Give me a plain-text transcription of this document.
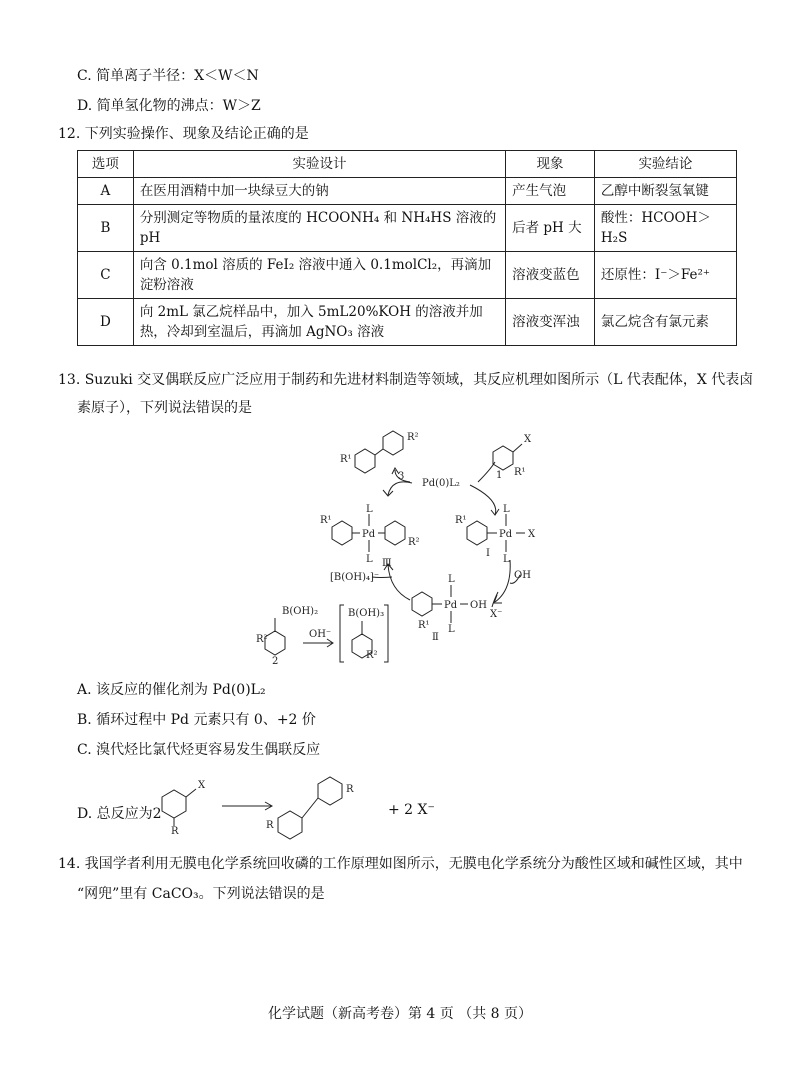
C. 简单离子半径：X＜W＜N
D. 简单氢化物的沸点：W＞Z
12. 下列实验操作、现象及结论正确的是
选项	实验设计	现象	实验结论
A	在医用酒精中加一块绿豆大的钠	产生气泡	乙醇中断裂氢氧键
B	分别测定等物质的量浓度的 HCOONH₄ 和 NH₄HS 溶液的 pH	后者 pH 大	酸性：HCOOH＞H₂S
C	向含 0.1mol 溶质的 FeI₂ 溶液中通入 0.1molCl₂，再滴加淀粉溶液	溶液变蓝色	还原性：I⁻＞Fe²⁺
D	向 2mL 氯乙烷样品中，加入 5mL20%KOH 的溶液并加热，冷却到室温后，再滴加 AgNO₃ 溶液	溶液变浑浊	氯乙烷含有氯元素
13. Suzuki 交叉偶联反应广泛应用于制药和先进材料制造等领域，其反应机理如图所示（L 代表配体，X 代表卤
素原子），下列说法错误的是
R¹
R²
3
Pd(0)L₂
X
R¹
1
R¹
L
Pd
L
R²
Ⅲ
R¹
L
Pd X
L
Ⅰ
OH
X⁻
[B(OH)₄]⁻	L
Pd OH
L
R¹
Ⅱ
B(OH)₂
R²
2
OH⁻
B(OH)₃
R²
X
R
R
R
A. 该反应的催化剂为 Pd(0)L₂
B. 循环过程中 Pd 元素只有 0、+2 价
C. 溴代烃比氯代烃更容易发生偶联反应
D. 总反应为2	+ 2 X⁻
14. 我国学者利用无膜电化学系统回收磷的工作原理如图所示，无膜电化学系统分为酸性区域和碱性区域，其中
“网兜”里有 CaCO₃。下列说法错误的是
化学试题（新高考卷）第 4 页 （共 8 页）
